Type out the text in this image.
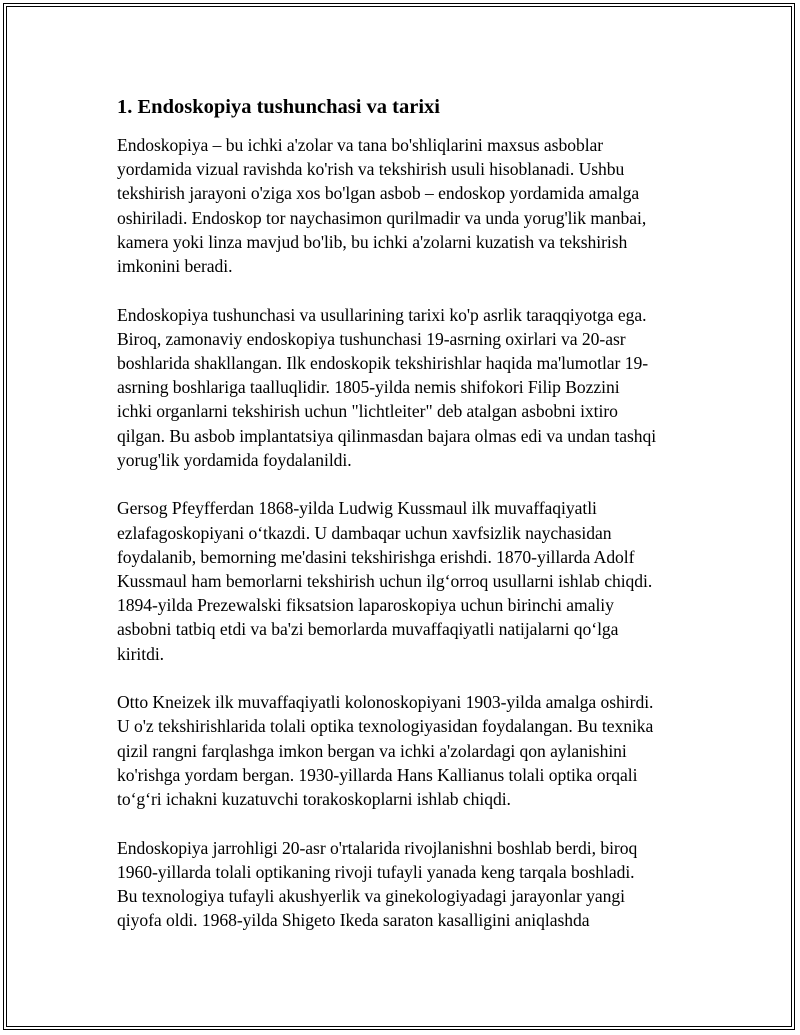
1. Endoskopiya tushunchasi va tarixi

Endoskopiya – bu ichki a'zolar va tana bo'shliqlarini maxsus asboblar
yordamida vizual ravishda ko'rish va tekshirish usuli hisoblanadi. Ushbu
tekshirish jarayoni o'ziga xos bo'lgan asbob – endoskop yordamida amalga
oshiriladi. Endoskop tor naychasimon qurilmadir va unda yorug'lik manbai,
kamera yoki linza mavjud bo'lib, bu ichki a'zolarni kuzatish va tekshirish
imkonini beradi.

Endoskopiya tushunchasi va usullarining tarixi ko'p asrlik taraqqiyotga ega.
Biroq, zamonaviy endoskopiya tushunchasi 19-asrning oxirlari va 20-asr
boshlarida shakllangan. Ilk endoskopik tekshirishlar haqida ma'lumotlar 19-
asrning boshlariga taalluqlidir. 1805-yilda nemis shifokori Filip Bozzini
ichki organlarni tekshirish uchun "lichtleiter" deb atalgan asbobni ixtiro
qilgan. Bu asbob implantatsiya qilinmasdan bajara olmas edi va undan tashqi
yorug'lik yordamida foydalanildi.

Gersog Pfeyfferdan 1868-yilda Ludwig Kussmaul ilk muvaffaqiyatli
ezlafagoskopiyani o‘tkazdi. U dambaqar uchun xavfsizlik naychasidan
foydalanib, bemorning me'dasini tekshirishga erishdi. 1870-yillarda Adolf
Kussmaul ham bemorlarni tekshirish uchun ilg‘orroq usullarni ishlab chiqdi.
1894-yilda Prezewalski fiksatsion laparoskopiya uchun birinchi amaliy
asbobni tatbiq etdi va ba'zi bemorlarda muvaffaqiyatli natijalarni qo‘lga
kiritdi.

Otto Kneizek ilk muvaffaqiyatli kolonoskopiyani 1903-yilda amalga oshirdi.
U o'z tekshirishlarida tolali optika texnologiyasidan foydalangan. Bu texnika
qizil rangni farqlashga imkon bergan va ichki a'zolardagi qon aylanishini
ko'rishga yordam bergan. 1930-yillarda Hans Kallianus tolali optika orqali
to‘g‘ri ichakni kuzatuvchi torakoskoplarni ishlab chiqdi.

Endoskopiya jarrohligi 20-asr o'rtalarida rivojlanishni boshlab berdi, biroq
1960-yillarda tolali optikaning rivoji tufayli yanada keng tarqala boshladi.
Bu texnologiya tufayli akushyerlik va ginekologiyadagi jarayonlar yangi
qiyofa oldi. 1968-yilda Shigeto Ikeda saraton kasalligini aniqlashda
